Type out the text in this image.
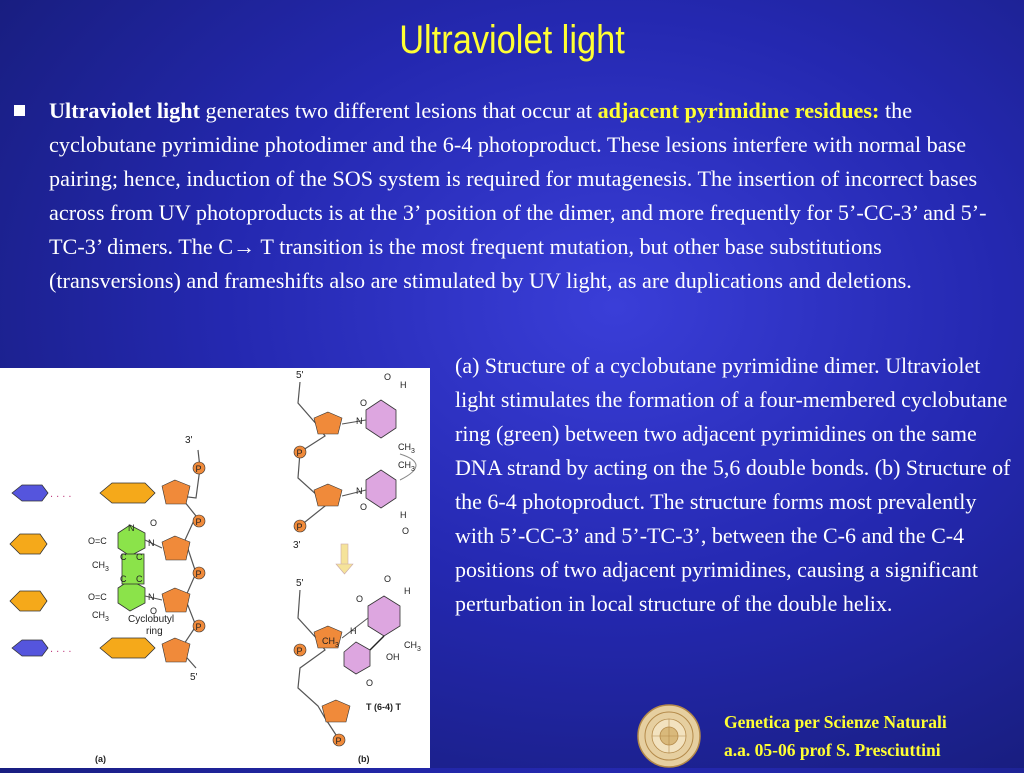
Ultraviolet light
Ultraviolet light generates two different lesions that occur at adjacent pyrimidine residues: the cyclobutane pyrimidine photodimer and the 6-4 photoproduct. These lesions interfere with normal base pairing; hence, induction of the SOS system is required for mutagenesis. The insertion of incorrect bases across from UV photoproducts is at the 3’ position of the dimer, and more frequently for 5’-CC-3’ and 5’-TC-3’ dimers. The C→ T transition is the most frequent mutation, but other base substitutions (transversions) and frameshifts also are stimulated by UV light, as are duplications and deletions.
. . . .
. . . .
3'
5'
P
P
P
P
N O
O=C	N
C C
CH 3
C C
O=C	N
CH 3
O
Cyclobutyl
ring
(a)
5'
3'
P
P
O
H
O
N
CH 3
CH 3
N
O
H
O
5'
P
P
O
H
O
H
CH 3	CH 3
OH
O
T (6-4) T
(b)
(a) Structure of a cyclobutane pyrimidine dimer. Ultraviolet light stimulates the formation of a four-membered cyclobutane ring (green) between two adjacent pyrimidines on the same DNA strand by acting on the 5,6 double bonds. (b) Structure of the 6-4 photoproduct. The structure forms most prevalently with 5’-CC-3’ and 5’-TC-3’, between the C-6 and the C-4 positions of two adjacent pyrimidines, causing a significant perturbation in local structure of the double helix.
Genetica per Scienze Naturali
a.a. 05-06 prof S. Presciuttini
